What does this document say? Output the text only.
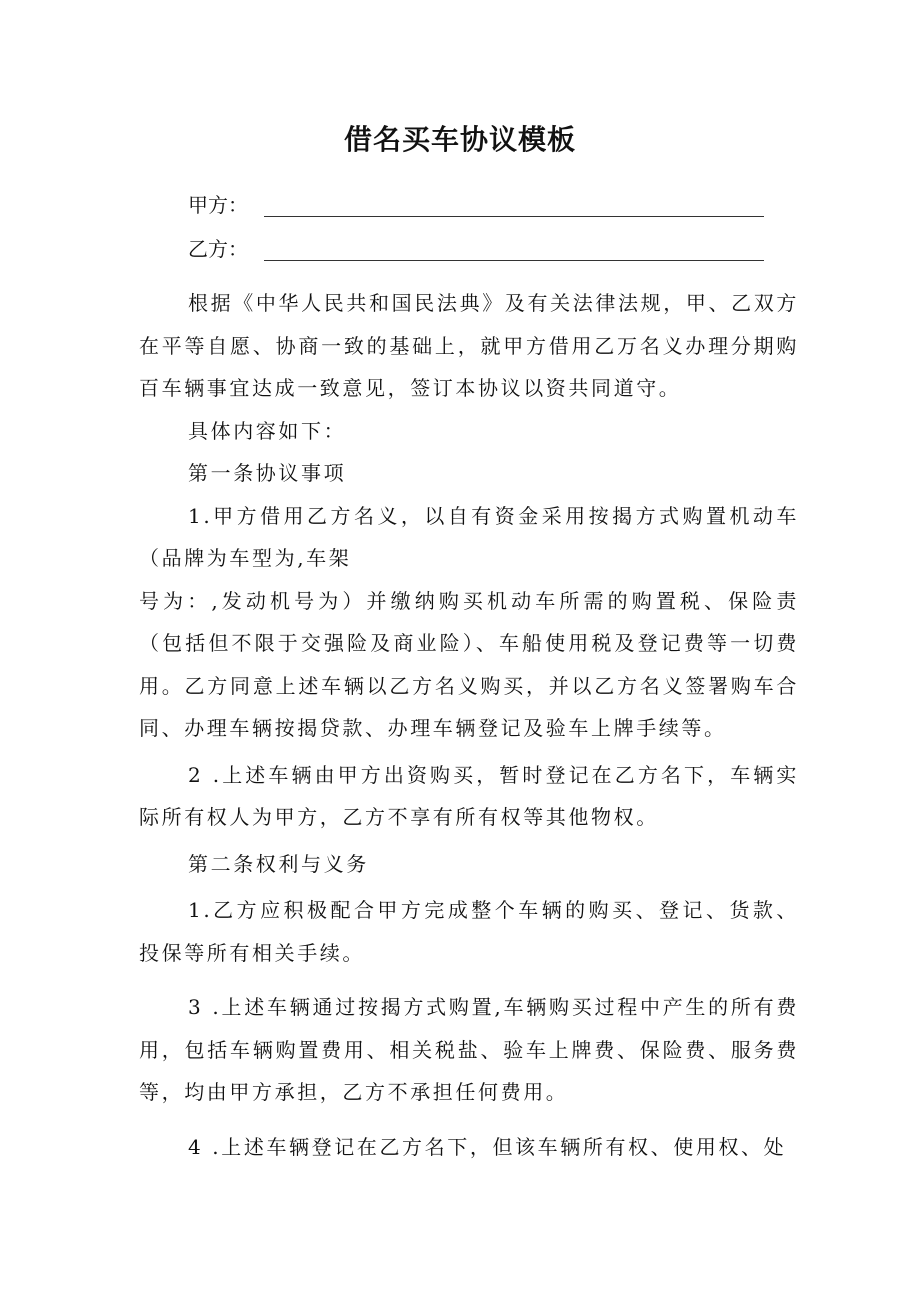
借名买车协议模板
甲方：
乙方：

根据《中华人民共和国民法典》及有关法律法规，甲、乙双方在平等自愿、协商一致的基础上，就甲方借用乙万名义办理分期购百车辆事宜达成一致意见，签订本协议以资共同道守。

具体内容如下：

第一条协议事项

1.甲方借用乙方名义，以自有资金采用按揭方式购置机动车（品牌为车型为,车架

号为：,发动机号为）并缴纳购买机动车所需的购置税、保险责（包括但不限于交强险及商业险）、车船使用税及登记费等一切费用。乙方同意上述车辆以乙方名义购买，并以乙方名义签署购车合同、办理车辆按揭贷款、办理车辆登记及验车上牌手续等。

2 .上述车辆由甲方出资购买，暂时登记在乙方名下，车辆实际所有权人为甲方，乙方不享有所有权等其他物权。

第二条权利与义务

1.乙方应积极配合甲方完成整个车辆的购买、登记、货款、投保等所有相关手续。

3 .上述车辆通过按揭方式购置,车辆购买过程中产生的所有费用，包括车辆购置费用、相关税盐、验车上牌费、保险费、服务费等，均由甲方承担，乙方不承担任何费用。

4 .上述车辆登记在乙方名下，但该车辆所有权、使用权、处
